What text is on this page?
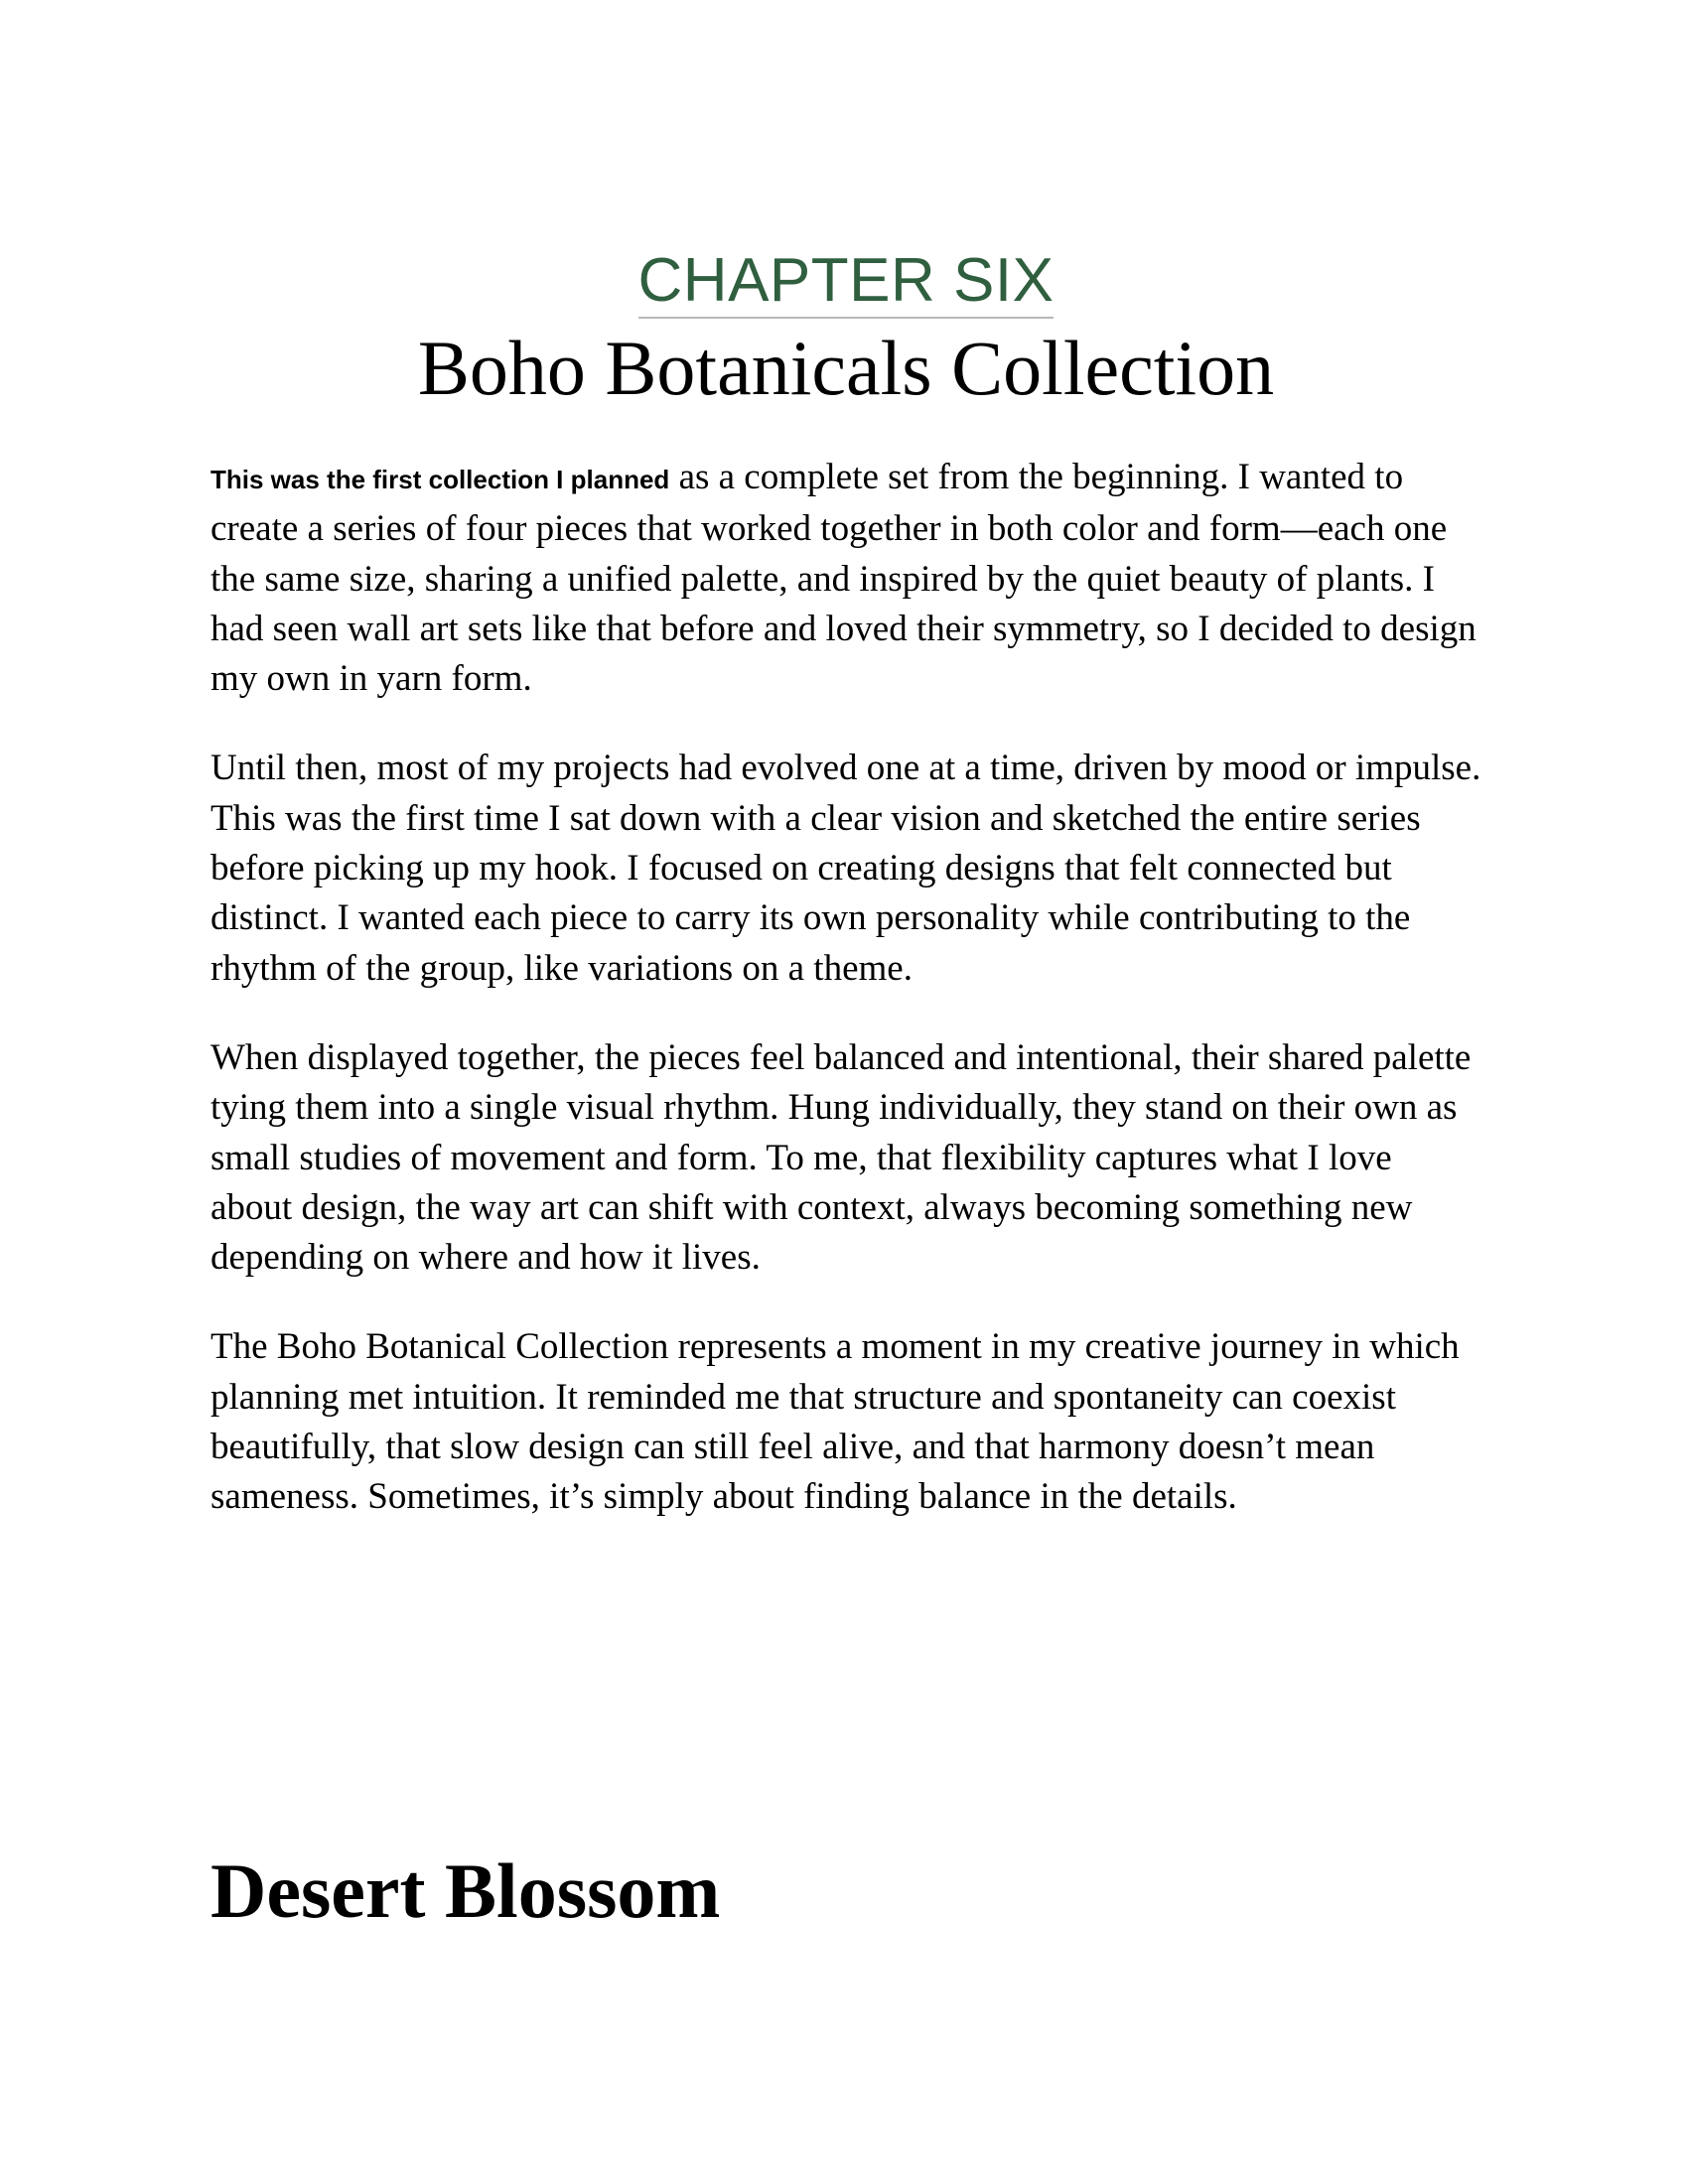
CHAPTER SIX
Boho Botanicals Collection

This was the first collection I planned as a complete set from the beginning. I wanted to create a series of four pieces that worked together in both color and form—each one the same size, sharing a unified palette, and inspired by the quiet beauty of plants. I had seen wall art sets like that before and loved their symmetry, so I decided to design my own in yarn form.

Until then, most of my projects had evolved one at a time, driven by mood or impulse. This was the first time I sat down with a clear vision and sketched the entire series before picking up my hook. I focused on creating designs that felt connected but distinct. I wanted each piece to carry its own personality while contributing to the rhythm of the group, like variations on a theme.

When displayed together, the pieces feel balanced and intentional, their shared palette tying them into a single visual rhythm. Hung individually, they stand on their own as small studies of movement and form. To me, that flexibility captures what I love about design, the way art can shift with context, always becoming something new depending on where and how it lives.

The Boho Botanical Collection represents a moment in my creative journey in which planning met intuition. It reminded me that structure and spontaneity can coexist beautifully, that slow design can still feel alive, and that harmony doesn’t mean sameness. Sometimes, it’s simply about finding balance in the details.

Desert Blossom
